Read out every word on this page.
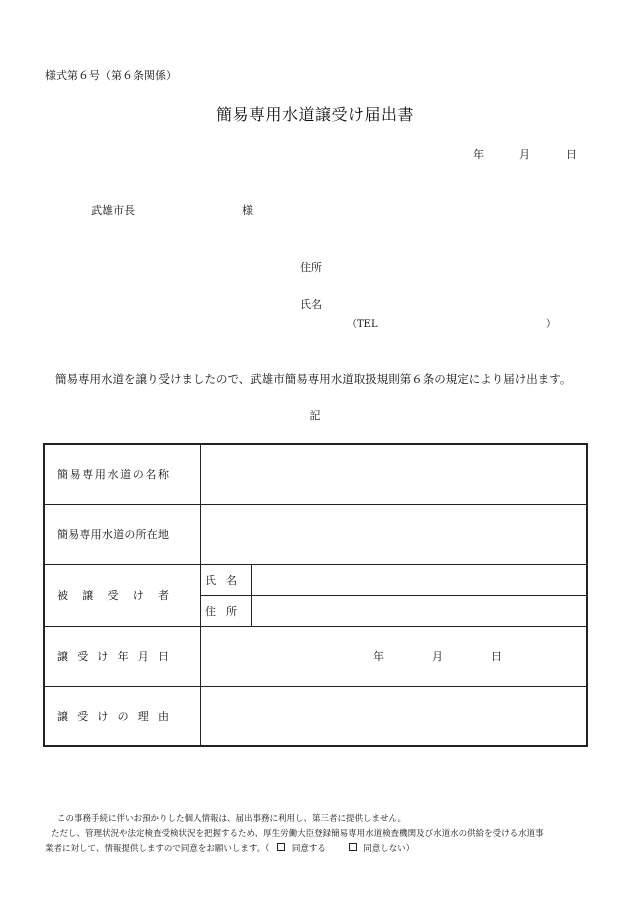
様式第６号（第６条関係）
簡易専用水道譲受け届出書
年	月	日
武雄市長	様
住所
氏名
（TEL	）
簡易専用水道を譲り受けましたので、武雄市簡易専用水道取扱規則第６条の規定により届け出ます。
記
簡易専用水道の名称		

簡易専用水道の所在地		

被譲受け者	氏名	
	住所	

譲受け年月日	年 月 日	

譲受けの理由		

この事務手続に伴いお預かりした個人情報は、届出事務に利用し、第三者に提供しません。
ただし、管理状況や法定検査受検状況を把握するため、厚生労働大臣登録簡易専用水道検査機関及び水道水の供給を受ける水道事
業者に対して、情報提供しますので同意をお願いします。（	同意する	同意しない）
